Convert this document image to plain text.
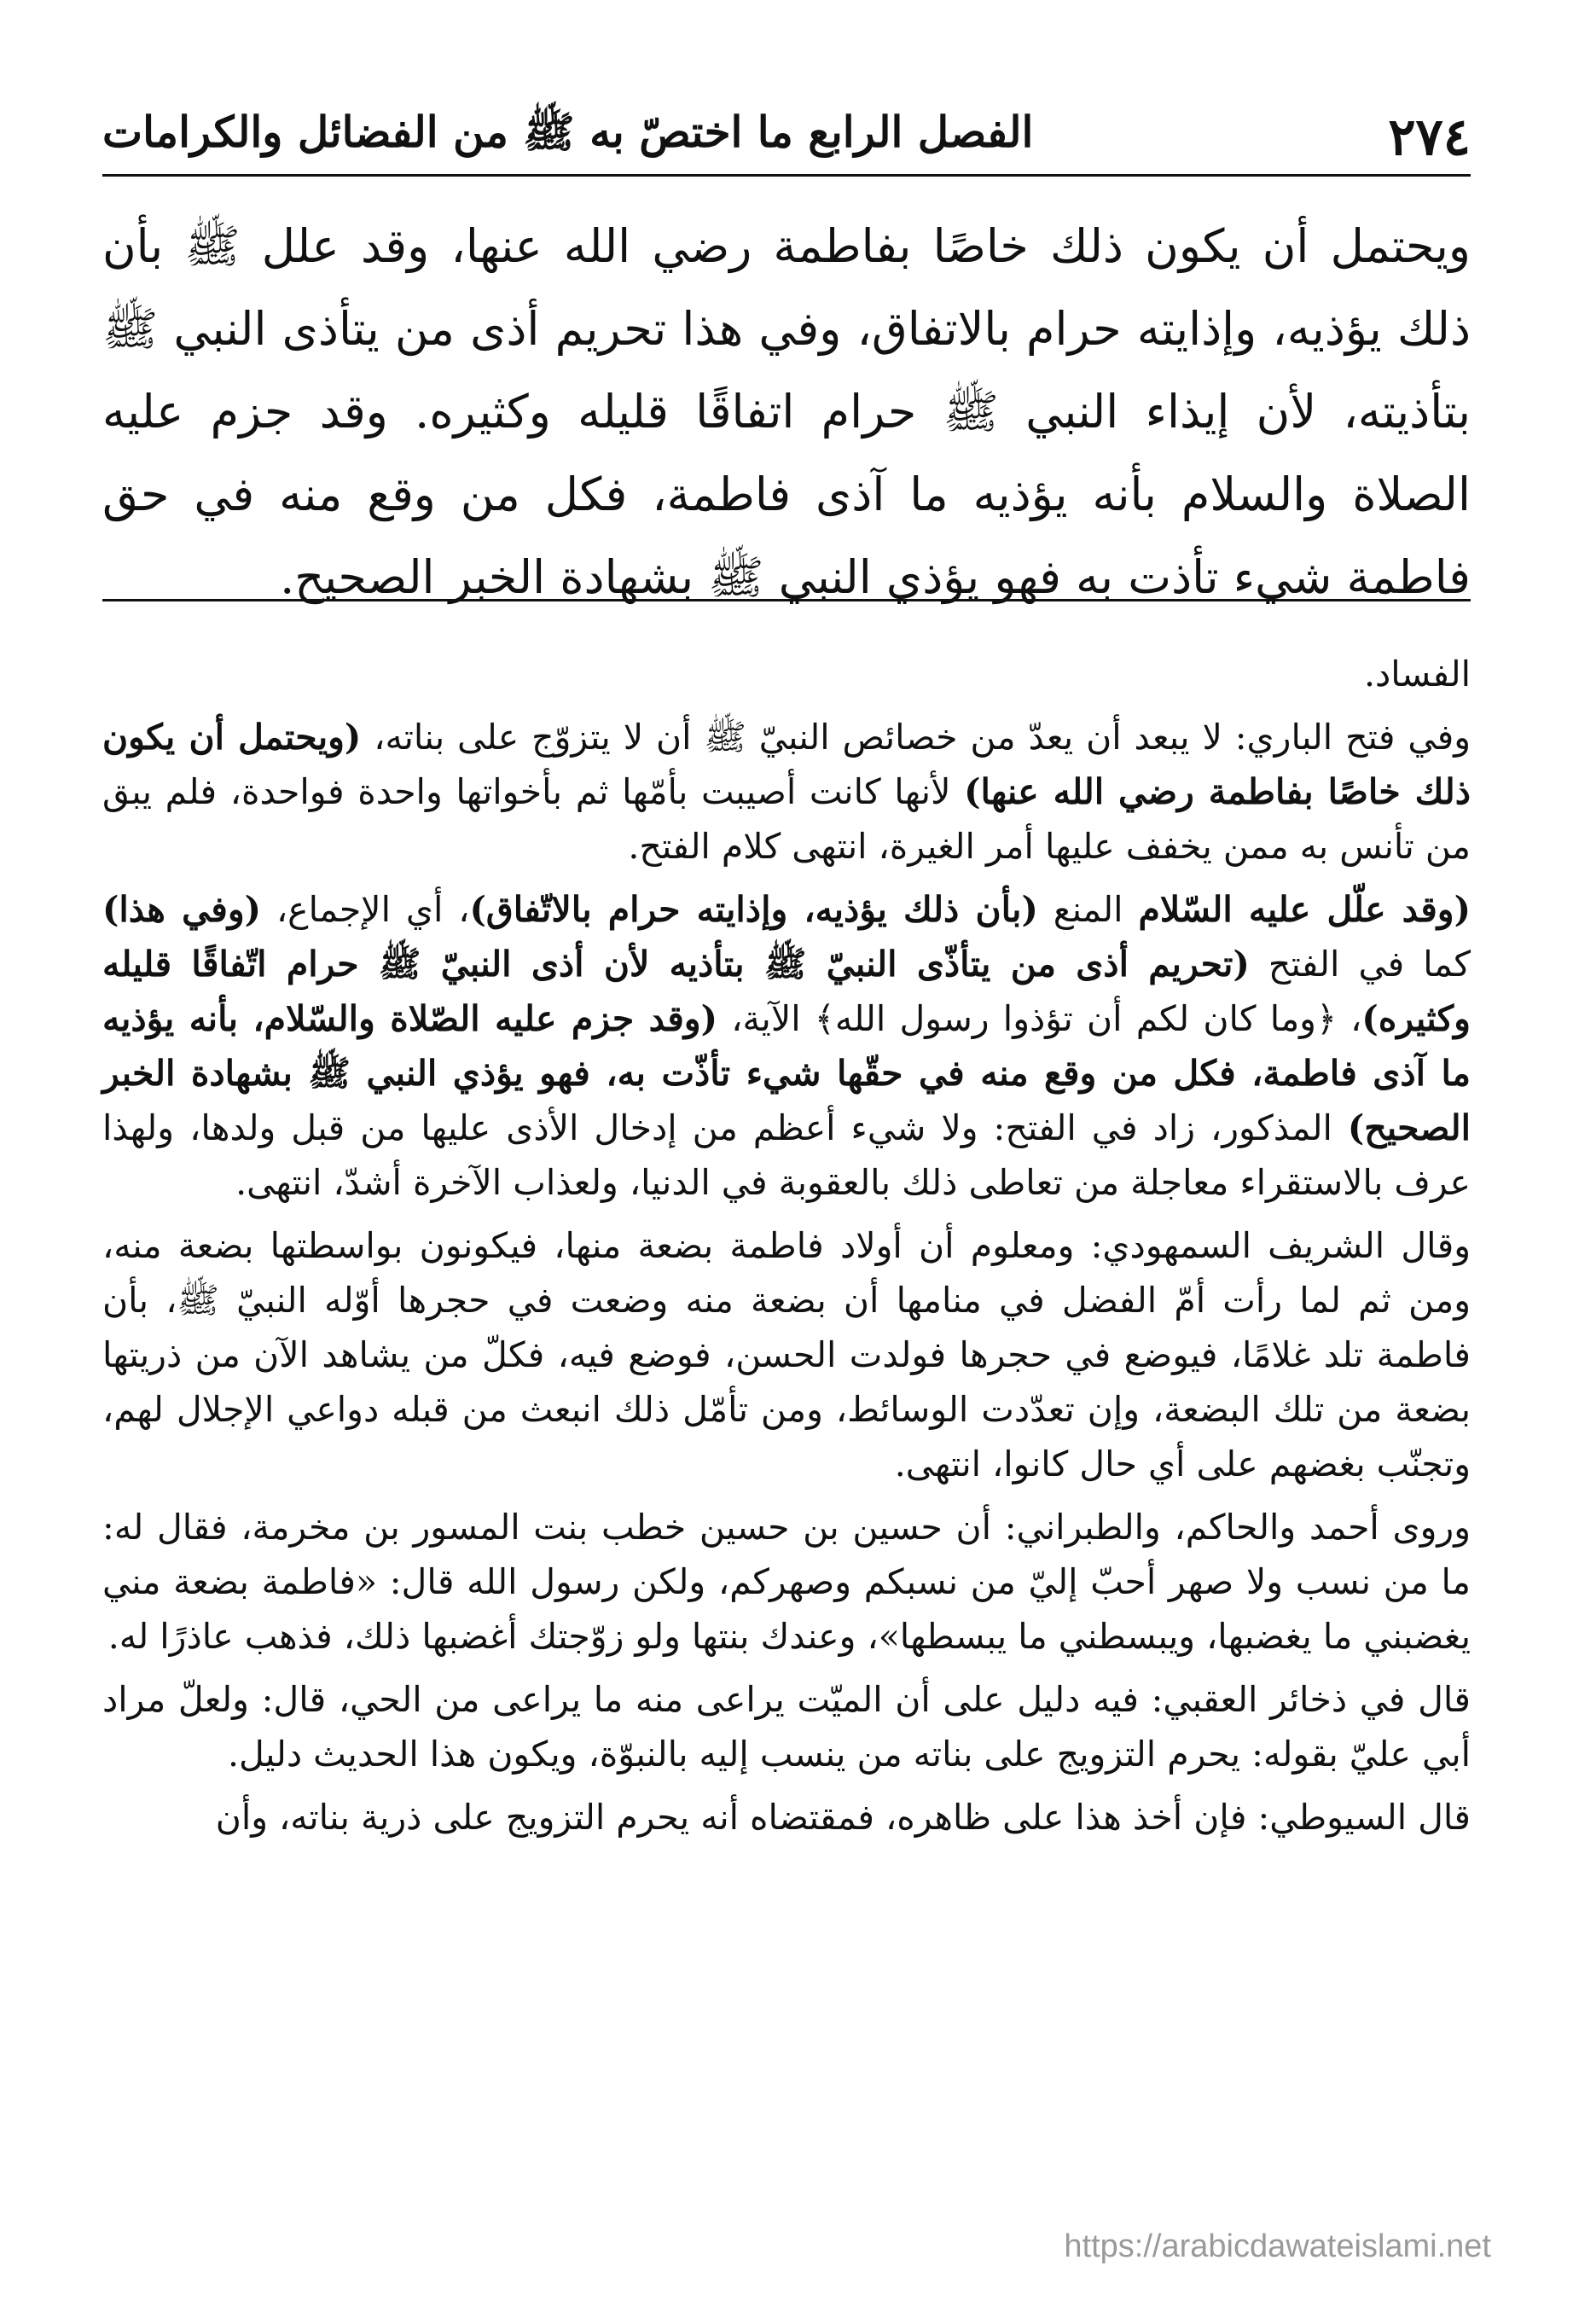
٢٧٤
الفصل الرابع ما اختصّ به ﷺ من الفضائل والكرامات
ويحتمل أن يكون ذلك خاصًا بفاطمة رضي الله عنها، وقد علل ﷺ بأن ذلك يؤذيه، وإذايته حرام بالاتفاق، وفي هذا تحريم أذى من يتأذى النبي ﷺ بتأذيته، لأن إيذاء النبي ﷺ حرام اتفاقًا قليله وكثيره. وقد جزم عليه الصلاة والسلام بأنه يؤذيه ما آذى فاطمة، فكل من وقع منه في حق فاطمة شيء تأذت به فهو يؤذي النبي ﷺ بشهادة الخبر الصحيح.

الفساد.

وفي فتح الباري: لا يبعد أن يعدّ من خصائص النبيّ ﷺ أن لا يتزوّج على بناته، (ويحتمل أن يكون ذلك خاصًا بفاطمة رضي الله عنها) لأنها كانت أصيبت بأمّها ثم بأخواتها واحدة فواحدة، فلم يبق من تأنس به ممن يخفف عليها أمر الغيرة، انتهى كلام الفتح.

(وقد علّل عليه السّلام المنع (بأن ذلك يؤذيه، وإذايته حرام بالاتّفاق)، أي الإجماع، (وفي هذا) كما في الفتح (تحريم أذى من يتأذّى النبيّ ﷺ بتأذيه لأن أذى النبيّ ﷺ حرام اتّفاقًا قليله وكثيره)، ﴿وما كان لكم أن تؤذوا رسول الله﴾ الآية، (وقد جزم عليه الصّلاة والسّلام، بأنه يؤذيه ما آذى فاطمة، فكل من وقع منه في حقّها شيء تأذّت به، فهو يؤذي النبي ﷺ بشهادة الخبر الصحيح) المذكور، زاد في الفتح: ولا شيء أعظم من إدخال الأذى عليها من قبل ولدها، ولهذا عرف بالاستقراء معاجلة من تعاطى ذلك بالعقوبة في الدنيا، ولعذاب الآخرة أشدّ، انتهى.

وقال الشريف السمهودي: ومعلوم أن أولاد فاطمة بضعة منها، فيكونون بواسطتها بضعة منه، ومن ثم لما رأت أمّ الفضل في منامها أن بضعة منه وضعت في حجرها أوّله النبيّ ﷺ، بأن فاطمة تلد غلامًا، فيوضع في حجرها فولدت الحسن، فوضع فيه، فكلّ من يشاهد الآن من ذريتها بضعة من تلك البضعة، وإن تعدّدت الوسائط، ومن تأمّل ذلك انبعث من قبله دواعي الإجلال لهم، وتجنّب بغضهم على أي حال كانوا، انتهى.

وروى أحمد والحاكم، والطبراني: أن حسين بن حسين خطب بنت المسور بن مخرمة، فقال له: ما من نسب ولا صهر أحبّ إليّ من نسبكم وصهركم، ولكن رسول الله قال: «فاطمة بضعة مني يغضبني ما يغضبها، ويبسطني ما يبسطها»، وعندك بنتها ولو زوّجتك أغضبها ذلك، فذهب عاذرًا له.

قال في ذخائر العقبي: فيه دليل على أن الميّت يراعى منه ما يراعى من الحي، قال: ولعلّ مراد أبي عليّ بقوله: يحرم التزويج على بناته من ينسب إليه بالنبوّة، ويكون هذا الحديث دليل.

قال السيوطي: فإن أخذ هذا على ظاهره، فمقتضاه أنه يحرم التزويج على ذرية بناته، وأن

https://arabicdawateislami.net
